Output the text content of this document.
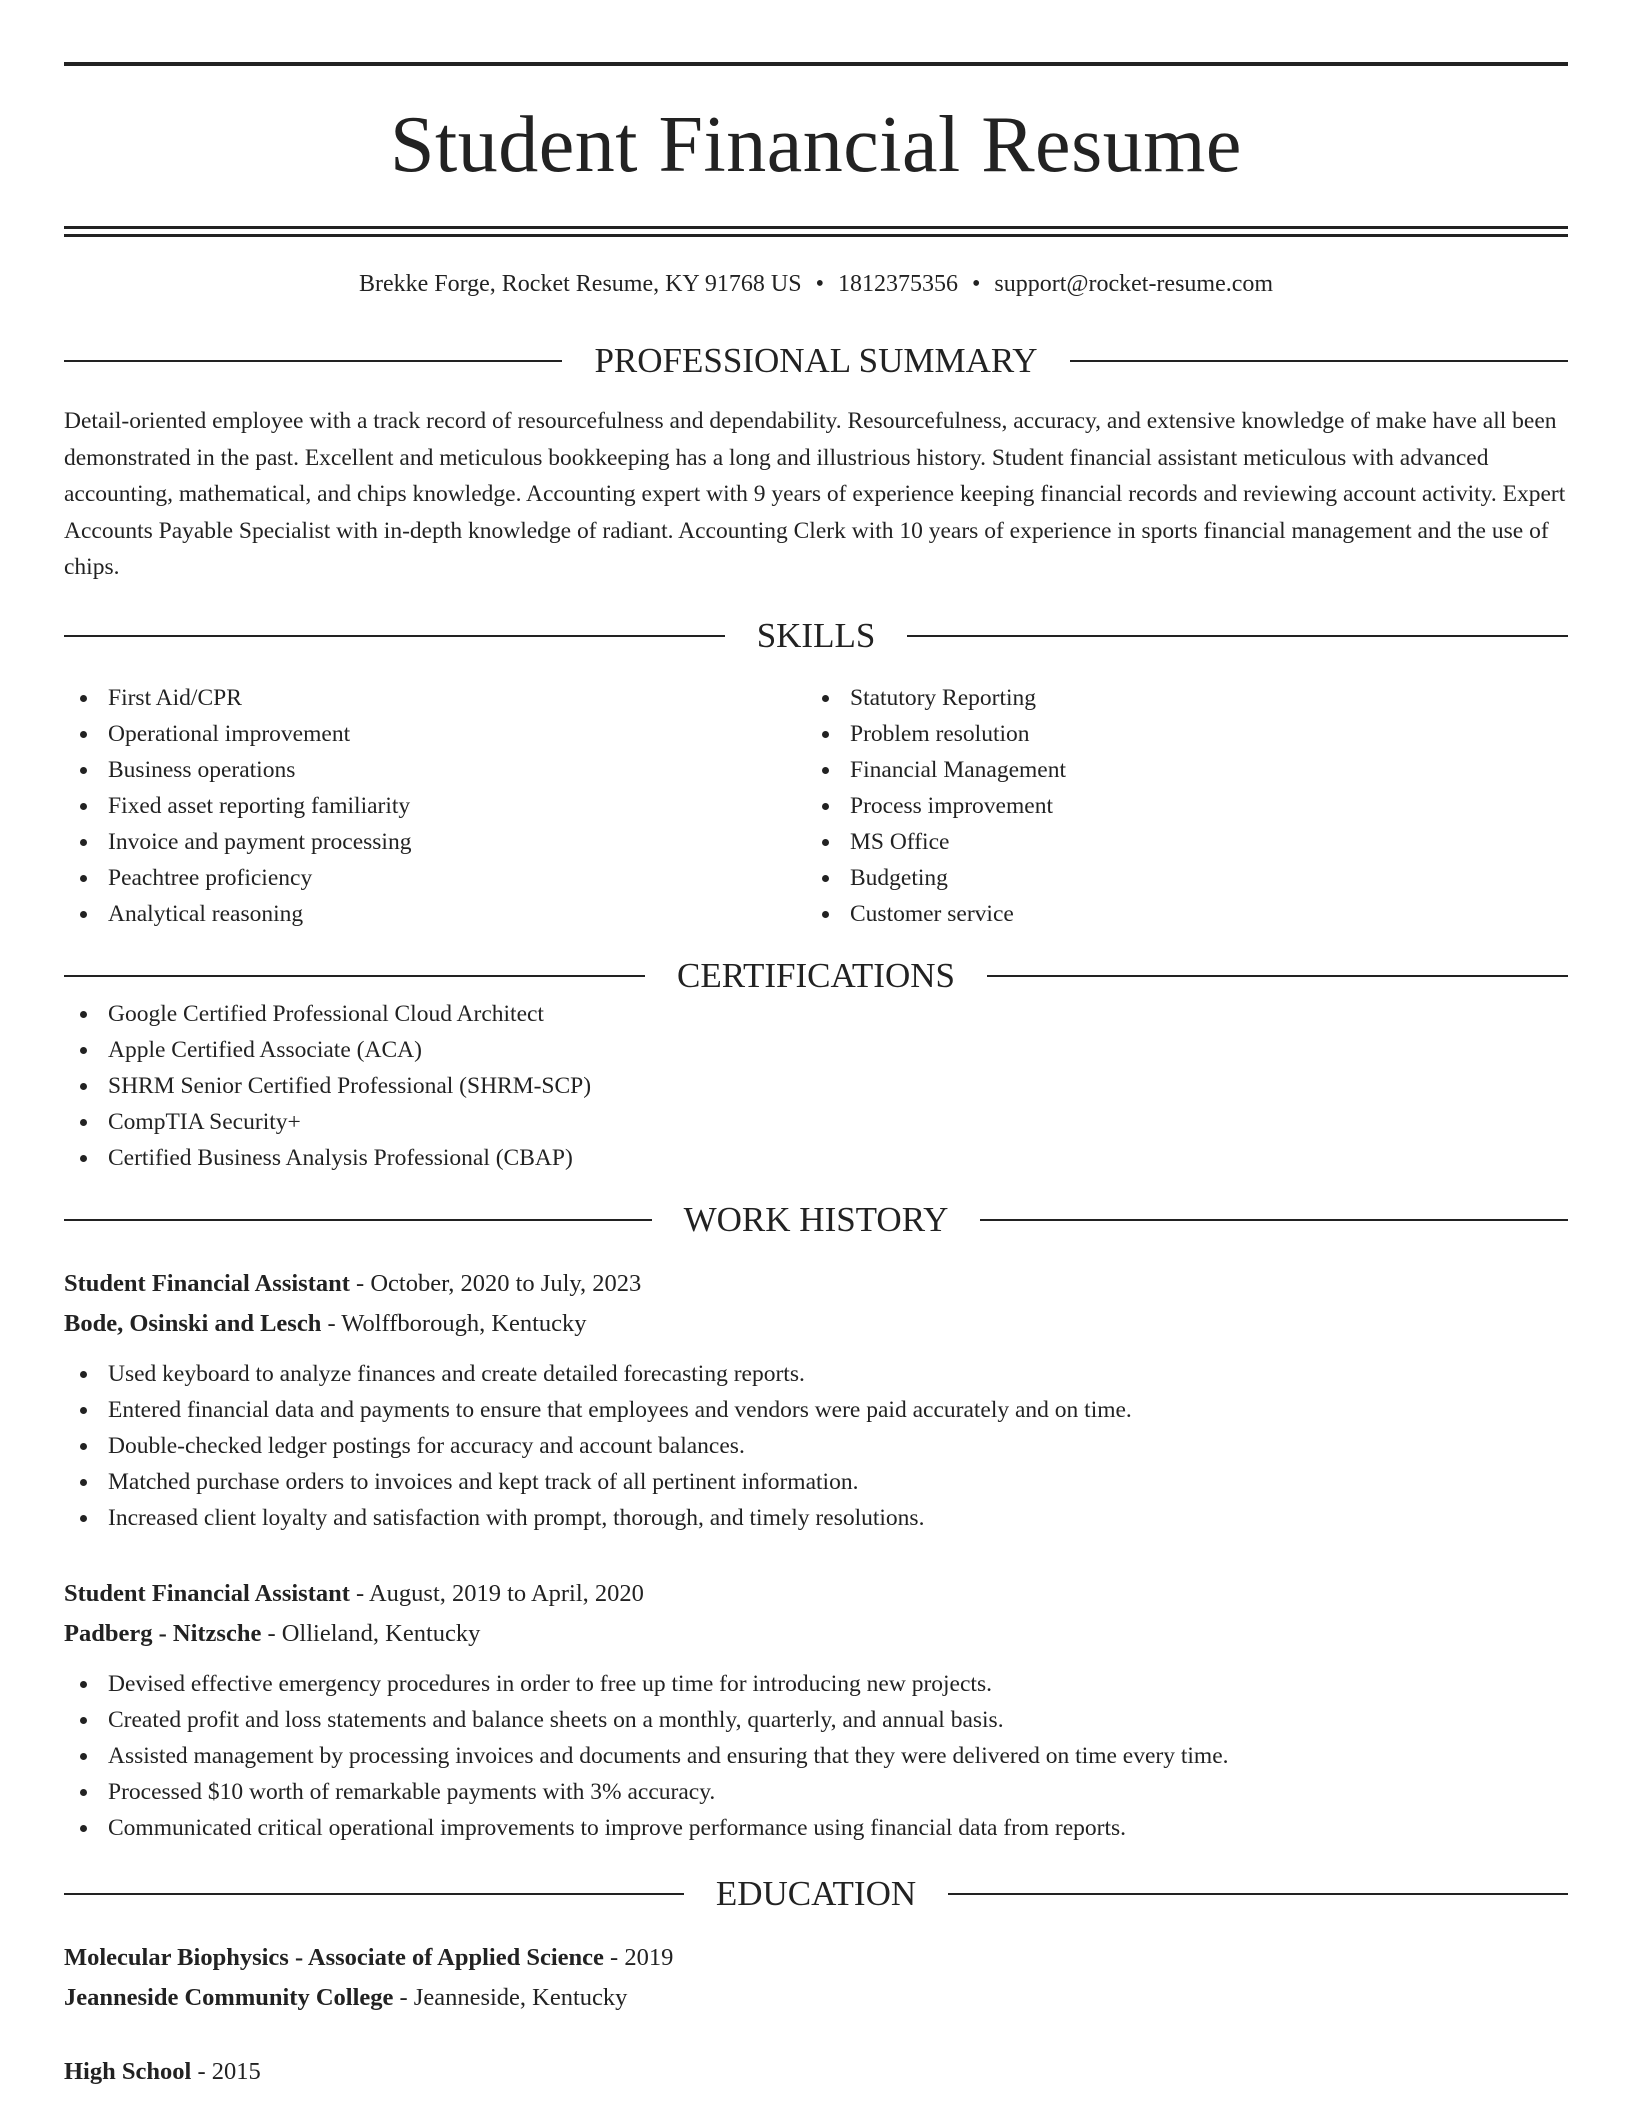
Student Financial Resume
Brekke Forge, Rocket Resume, KY 91768 US • 1812375356 • support@rocket-resume.com
PROFESSIONAL SUMMARY

Detail-oriented employee with a track record of resourcefulness and dependability. Resourcefulness, accuracy, and extensive knowledge of make have all been demonstrated in the past. Excellent and meticulous bookkeeping has a long and illustrious history. Student financial assistant meticulous with advanced accounting, mathematical, and chips knowledge. Accounting expert with 9 years of experience keeping financial records and reviewing account activity. Expert Accounts Payable Specialist with in-depth knowledge of radiant. Accounting Clerk with 10 years of experience in sports financial management and the use of chips.

SKILLS
First Aid/CPR
Operational improvement
Business operations
Fixed asset reporting familiarity
Invoice and payment processing
Peachtree proficiency
Analytical reasoning
Statutory Reporting
Problem resolution
Financial Management
Process improvement
MS Office
Budgeting
Customer service
CERTIFICATIONS
Google Certified Professional Cloud Architect
Apple Certified Associate (ACA)
SHRM Senior Certified Professional (SHRM-SCP)
CompTIA Security+
Certified Business Analysis Professional (CBAP)
WORK HISTORY
Student Financial Assistant - October, 2020 to July, 2023
Bode, Osinski and Lesch - Wolffborough, Kentucky
Used keyboard to analyze finances and create detailed forecasting reports.
Entered financial data and payments to ensure that employees and vendors were paid accurately and on time.
Double-checked ledger postings for accuracy and account balances.
Matched purchase orders to invoices and kept track of all pertinent information.
Increased client loyalty and satisfaction with prompt, thorough, and timely resolutions.
Student Financial Assistant - August, 2019 to April, 2020
Padberg - Nitzsche - Ollieland, Kentucky
Devised effective emergency procedures in order to free up time for introducing new projects.
Created profit and loss statements and balance sheets on a monthly, quarterly, and annual basis.
Assisted management by processing invoices and documents and ensuring that they were delivered on time every time.
Processed $10 worth of remarkable payments with 3% accuracy.
Communicated critical operational improvements to improve performance using financial data from reports.
EDUCATION
Molecular Biophysics - Associate of Applied Science - 2019
Jeanneside Community College - Jeanneside, Kentucky
High School - 2015
